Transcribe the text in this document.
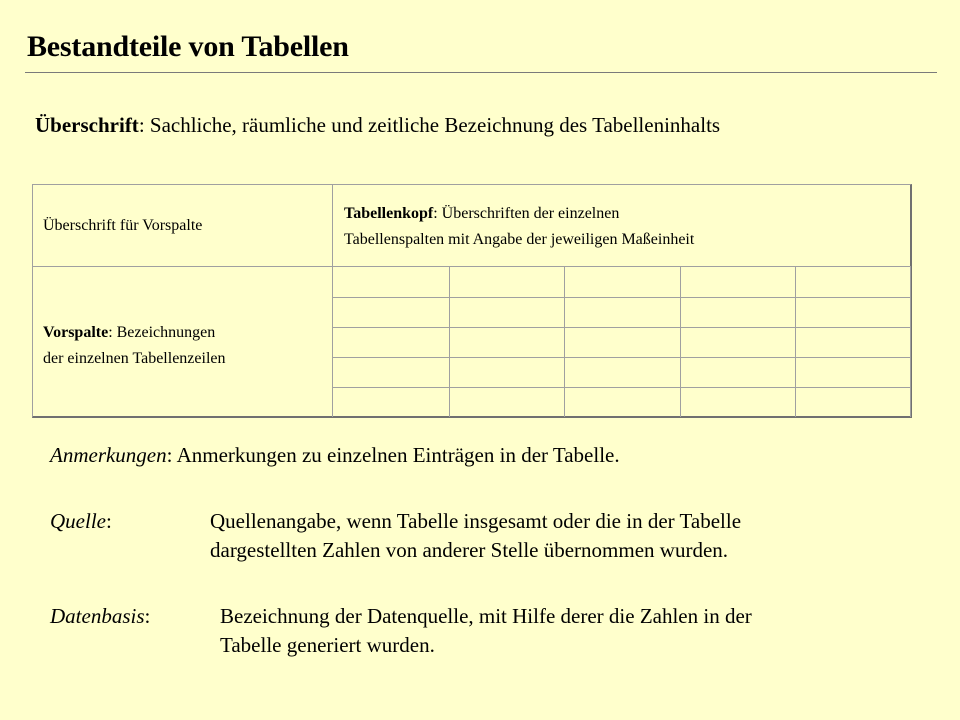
Bestandteile von Tabellen
Überschrift: Sachliche, räumliche und zeitliche Bezeichnung des Tabelleninhalts
Überschrift für Vorspalte
Tabellenkopf: Überschriften der einzelnen
Tabellenspalten mit Angabe der jeweiligen Maßeinheit
Vorspalte: Bezeichnungen
der einzelnen Tabellenzeilen
Anmerkungen: Anmerkungen zu einzelnen Einträgen in der Tabelle.
Quelle:	Quellenangabe, wenn Tabelle insgesamt oder die in der Tabelle
dargestellten Zahlen von anderer Stelle übernommen wurden.
Datenbasis:	Bezeichnung der Datenquelle, mit Hilfe derer die Zahlen in der
Tabelle generiert wurden.
